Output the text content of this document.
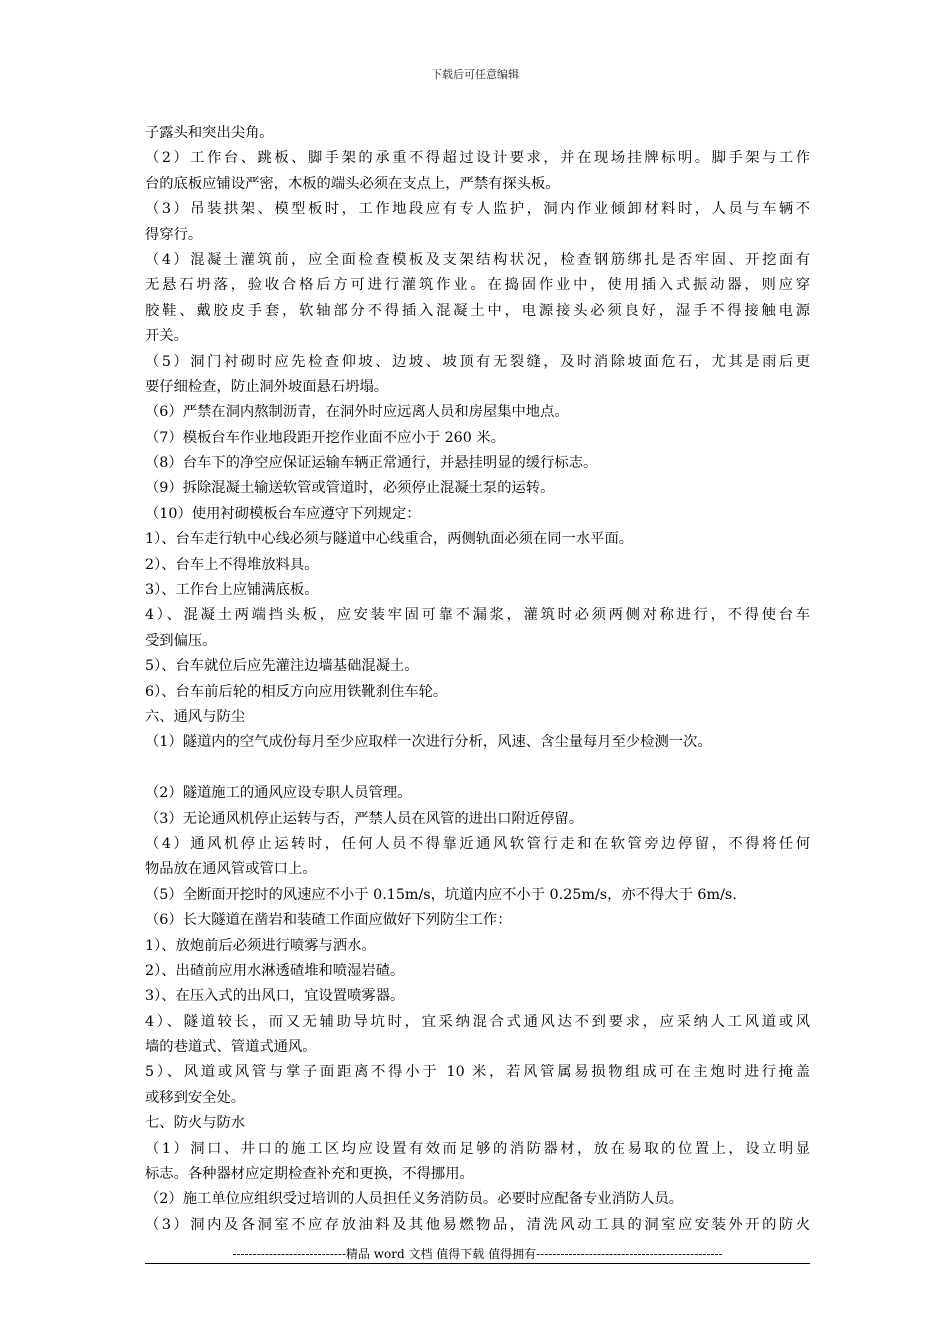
下载后可任意编辑
子露头和突出尖角。
（2）工作台、跳板、脚手架的承重不得超过设计要求，并在现场挂牌标明。脚手架与工作
台的底板应铺设严密，木板的端头必须在支点上，严禁有探头板。
（3）吊装拱架、模型板时，工作地段应有专人监护，洞内作业倾卸材料时，人员与车辆不
得穿行。
（4）混凝土灌筑前，应全面检查模板及支架结构状况，检查钢筋绑扎是否牢固、开挖面有
无悬石坍落，验收合格后方可进行灌筑作业。在捣固作业中，使用插入式振动器，则应穿
胶鞋、戴胶皮手套，软轴部分不得插入混凝土中，电源接头必须良好，湿手不得接触电源
开关。
（5）洞门衬砌时应先检查仰坡、边坡、坡顶有无裂缝，及时消除坡面危石，尤其是雨后更
要仔细检查，防止洞外坡面悬石坍塌。
（6）严禁在洞内熬制沥青，在洞外时应远离人员和房屋集中地点。
（7）模板台车作业地段距开挖作业面不应小于 260 米。
（8）台车下的净空应保证运输车辆正常通行，并悬挂明显的缓行标志。
（9）拆除混凝土输送软管或管道时，必须停止混凝土泵的运转。
（10）使用衬砌模板台车应遵守下列规定：
1）、台车走行轨中心线必须与隧道中心线重合，两侧轨面必须在同一水平面。
2）、台车上不得堆放料具。
3）、工作台上应铺满底板。
4）、混凝土两端挡头板，应安装牢固可靠不漏浆，灌筑时必须两侧对称进行，不得使台车
受到偏压。
5）、台车就位后应先灌注边墙基础混凝土。
6）、台车前后轮的相反方向应用铁靴刹住车轮。
六、通风与防尘
（1）隧道内的空气成份每月至少应取样一次进行分析，风速、含尘量每月至少检测一次。
（2）隧道施工的通风应设专职人员管理。
（3）无论通风机停止运转与否，严禁人员在风管的进出口附近停留。
（4）通风机停止运转时，任何人员不得靠近通风软管行走和在软管旁边停留，不得将任何
物品放在通风管或管口上。
（5）全断面开挖时的风速应不小于 0.15m/s，坑道内应不小于 0.25m/s，亦不得大于 6m/s.
（6）长大隧道在凿岩和装碴工作面应做好下列防尘工作：
1）、放炮前后必须进行喷雾与洒水。
2）、出碴前应用水淋透碴堆和喷湿岩碴。
3）、在压入式的出风口，宜设置喷雾器。
4）、隧道较长，而又无辅助导坑时，宜采纳混合式通风达不到要求，应采纳人工风道或风
墙的巷道式、管道式通风。
5）、风道或风管与掌子面距离不得小于 10 米，若风管属易损物组成可在主炮时进行掩盖
或移到安全处。
七、防火与防水
（1）洞口、井口的施工区均应设置有效而足够的消防器材，放在易取的位置上，设立明显
标志。各种器材应定期检查补充和更换，不得挪用。
（2）施工单位应组织受过培训的人员担任义务消防员。必要时应配备专业消防人员。
（3）洞内及各洞室不应存放油料及其他易燃物品，清洗风动工具的洞室应安装外开的防火
----------------------------精品 word 文档 值得下载 值得拥有----------------------------------------------
